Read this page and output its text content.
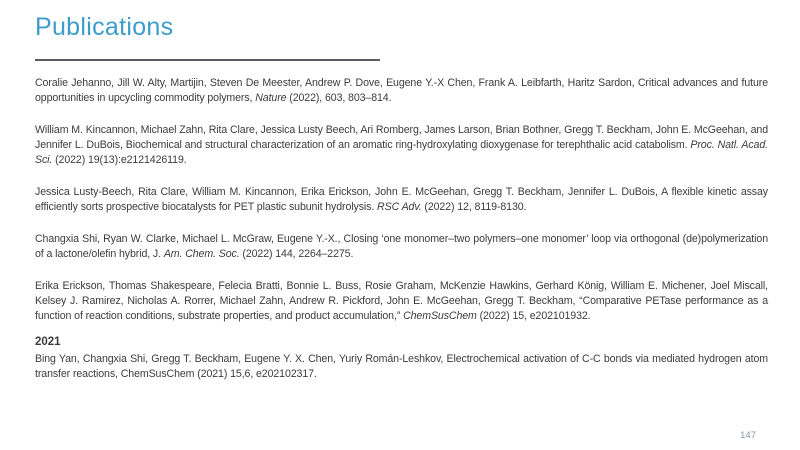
Publications

Coralie Jehanno, Jill W. Alty, Martijin, Steven De Meester, Andrew P. Dove, Eugene Y.-X Chen, Frank A. Leibfarth, Haritz Sardon, Critical advances and future opportunities in upcycling commodity polymers, Nature (2022), 603, 803–814.

William M. Kincannon, Michael Zahn, Rita Clare, Jessica Lusty Beech, Ari Romberg, James Larson, Brian Bothner, Gregg T. Beckham, John E. McGeehan, and Jennifer L. DuBois, Biochemical and structural characterization of an aromatic ring-hydroxylating dioxygenase for terephthalic acid catabolism. Proc. Natl. Acad. Sci. (2022) 19(13):e2121426119.

Jessica Lusty-Beech, Rita Clare, William M. Kincannon, Erika Erickson, John E. McGeehan, Gregg T. Beckham, Jennifer L. DuBois, A flexible kinetic assay efficiently sorts prospective biocatalysts for PET plastic subunit hydrolysis. RSC Adv. (2022) 12, 8119-8130.

Changxia Shi, Ryan W. Clarke, Michael L. McGraw, Eugene Y.-X., Closing ‘one monomer–two polymers–one monomer’ loop via orthogonal (de)polymerization of a lactone/olefin hybrid, J. Am. Chem. Soc. (2022) 144, 2264–2275.

Erika Erickson, Thomas Shakespeare, Felecia Bratti, Bonnie L. Buss, Rosie Graham, McKenzie Hawkins, Gerhard König, William E. Michener, Joel Miscall, Kelsey J. Ramirez, Nicholas A. Rorrer, Michael Zahn, Andrew R. Pickford, John E. McGeehan, Gregg T. Beckham, “Comparative PETase performance as a function of reaction conditions, substrate properties, and product accumulation,” ChemSusChem (2022) 15, e202101932.

2021

Bing Yan, Changxia Shi, Gregg T. Beckham, Eugene Y. X. Chen, Yuriy Román-Leshkov, Electrochemical activation of C-C bonds via mediated hydrogen atom transfer reactions, ChemSusChem (2021) 15,6, e202102317.

147
